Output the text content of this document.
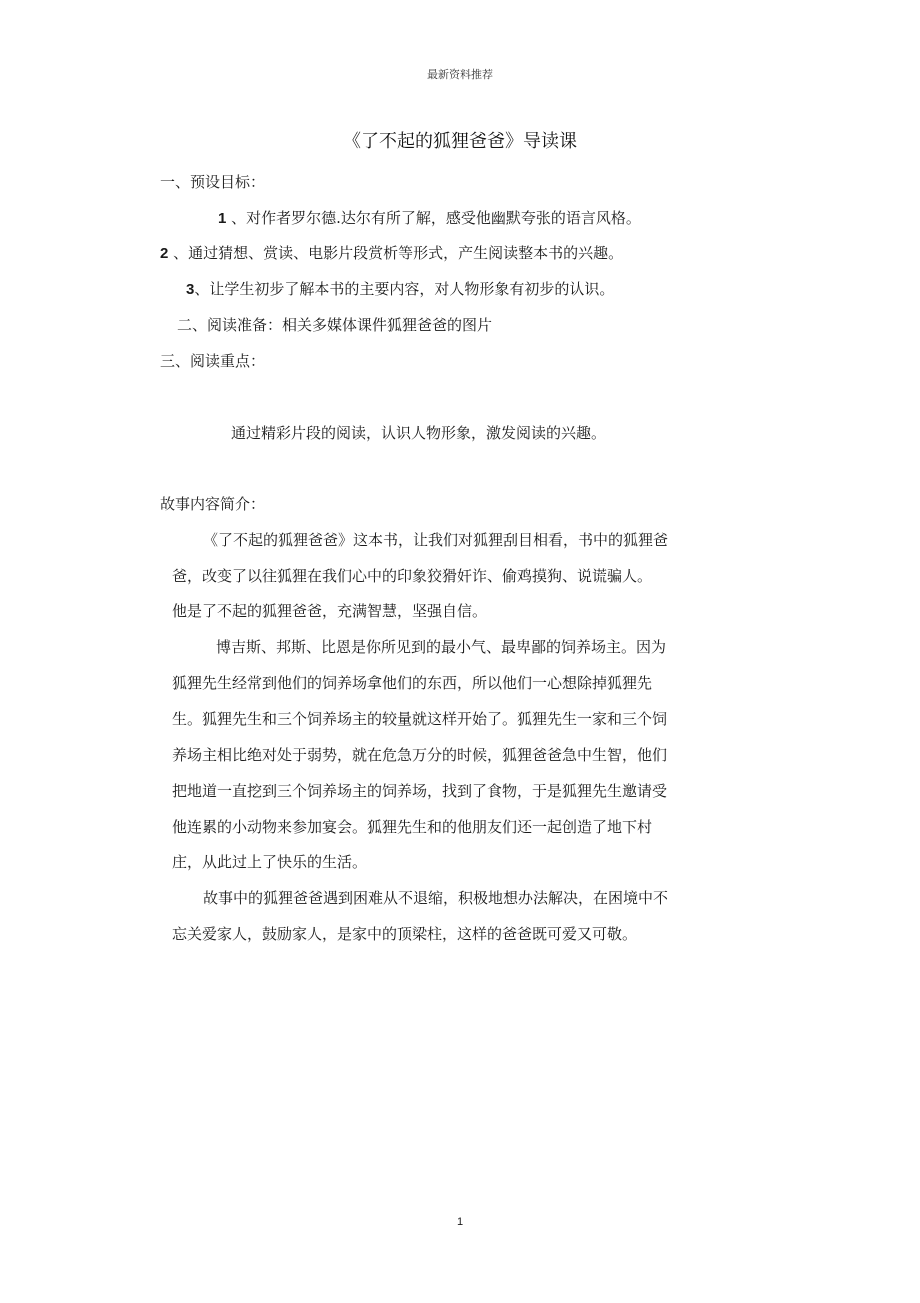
最新资料推荐
《了不起的狐狸爸爸》导读课
一、预设目标：
1 、对作者罗尔德.达尔有所了解，感受他幽默夸张的语言风格。
2 、通过猜想、赏读、电影片段赏析等形式，产生阅读整本书的兴趣。
3、让学生初步了解本书的主要内容，对人物形象有初步的认识。
二、阅读准备：相关多媒体课件狐狸爸爸的图片
三、阅读重点：
通过精彩片段的阅读，认识人物形象，激发阅读的兴趣。
故事内容简介：
《了不起的狐狸爸爸》这本书，让我们对狐狸刮目相看，书中的狐狸爸
爸，改变了以往狐狸在我们心中的印象狡猾奸诈、偷鸡摸狗、说谎骗人。
他是了不起的狐狸爸爸，充满智慧，坚强自信。
博吉斯、邦斯、比恩是你所见到的最小气、最卑鄙的饲养场主。因为
狐狸先生经常到他们的饲养场拿他们的东西，所以他们一心想除掉狐狸先
生。狐狸先生和三个饲养场主的较量就这样开始了。狐狸先生一家和三个饲
养场主相比绝对处于弱势，就在危急万分的时候，狐狸爸爸急中生智，他们
把地道一直挖到三个饲养场主的饲养场，找到了食物，于是狐狸先生邀请受
他连累的小动物来参加宴会。狐狸先生和的他朋友们还一起创造了地下村
庄，从此过上了快乐的生活。
故事中的狐狸爸爸遇到困难从不退缩，积极地想办法解决，在困境中不
忘关爱家人，鼓励家人，是家中的顶梁柱，这样的爸爸既可爱又可敬。
1
